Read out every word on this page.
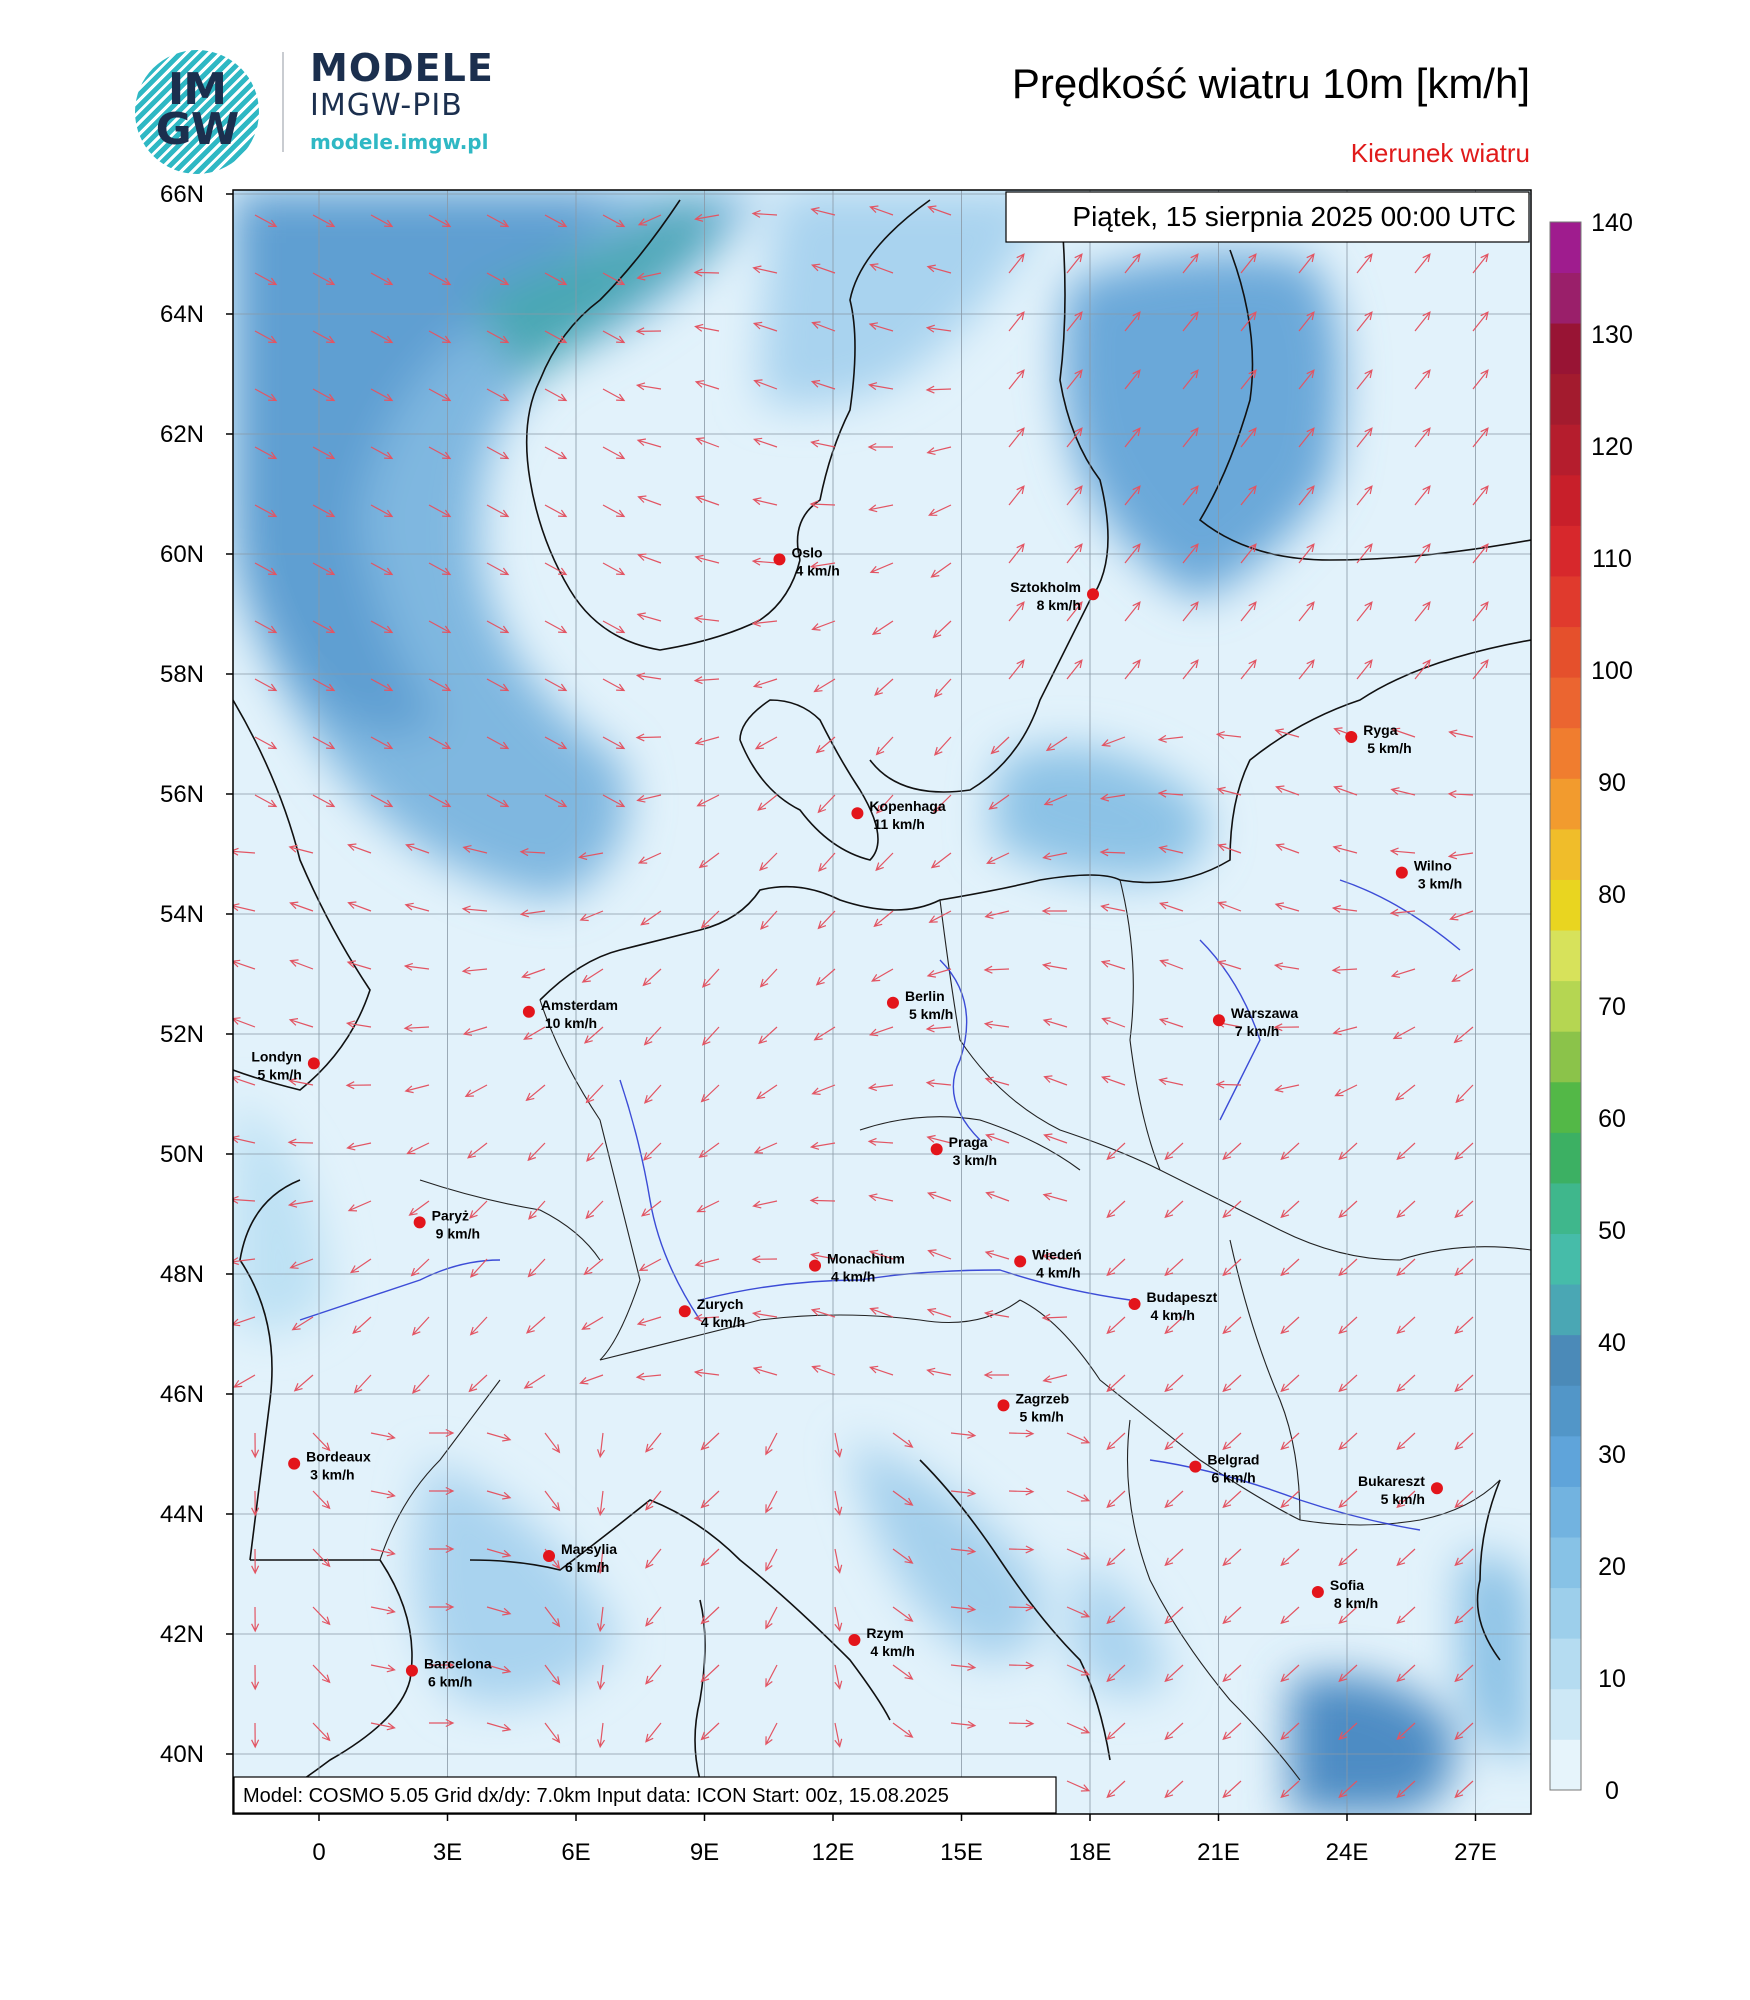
IM GW
MODELE
IMGW-PIB
modele.imgw.pl
Prędkość wiatru 10m [km/h]
Kierunek wiatru
66N
64N
62N
60N
58N
56N
54N
52N
50N
48N
46N
44N
42N
40N
0	3E	6E	9E	12E	15E	18E	21E	24E	27E
Oslo
4 km/h
Sztokholm
8 km/h
Ryga
5 km/h
Kopenhaga
11 km/h
Wilno
3 km/h
Amsterdam
10 km/h
Berlin
5 km/h	Warszawa
7 km/h
Londyn
5 km/h
Praga
3 km/h
Paryż
9 km/h
Monachium
4 km/h
Wiedeń
4 km/h
Zurych
4 km/h
Budapeszt
4 km/h
Zagrzeb
5 km/h
Bordeaux
3 km/h
Belgrad
6 km/h	Bukareszt
5 km/h
Marsylia
6 km/h
Sofia
8 km/h
Rzym
4 km/h
Barcelona
6 km/h
Piątek, 15 sierpnia 2025 00:00 UTC
Model: COSMO 5.05 Grid dx/dy: 7.0km Input data: ICON Start: 00z, 15.08.2025
140
130
120
110
100
90
80
70
60
50
40
30
20
10
0
